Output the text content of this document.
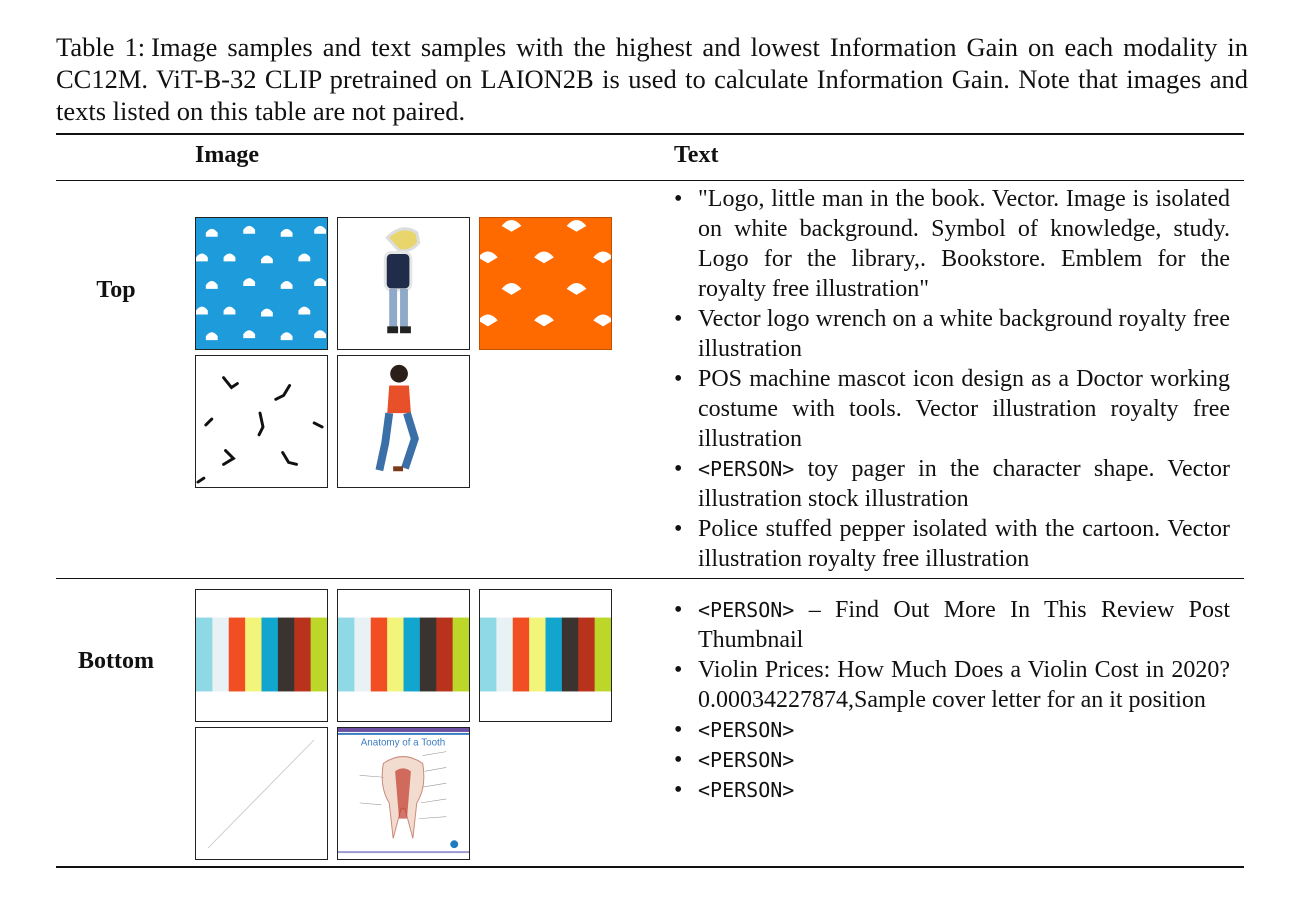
Table 1: Image samples and text samples with the highest and lowest Information Gain on each modality in CC12M. ViT-B-32 CLIP pretrained on LAION2B is used to calculate Information Gain. Note that images and texts listed on this table are not paired.
Image	Text
Top
• "Logo, little man in the book. Vector. Image is isolated on white background. Symbol of knowledge, study. Logo for the library,. Bookstore. Emblem for the royalty free illustration"
• Vector logo wrench on a white background royalty free illustration
• POS machine mascot icon design as a Doctor working costume with tools. Vector illustration royalty free illustration
• <PERSON> toy pager in the character shape. Vector illustration stock illustration
• Police stuffed pepper isolated with the cartoon. Vector illustration royalty free illustration
Bottom
Anatomy of a Tooth
• <PERSON> – Find Out More In This Review Post Thumbnail
• Violin Prices: How Much Does a Violin Cost in 2020? 0.00034227874,Sample cover letter for an it position
• <PERSON>
• <PERSON>
• <PERSON>
